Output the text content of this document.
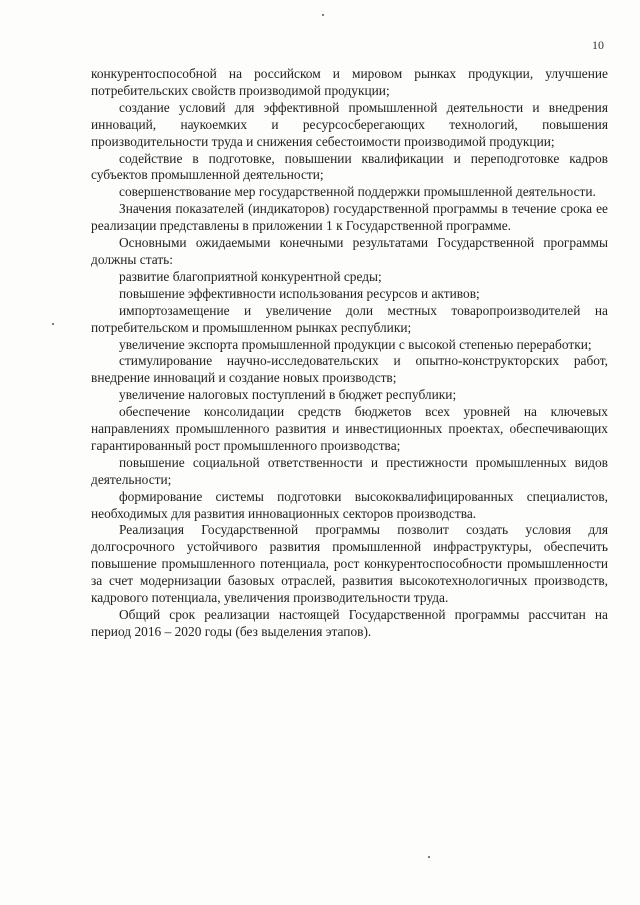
10

конкурентоспособной на российском и мировом рынках продукции, улучшение потребительских свойств производимой продукции;

создание условий для эффективной промышленной деятельности и внедрения инноваций, наукоемких и ресурсосберегающих технологий, повышения производительности труда и снижения себестоимости производимой продукции;

содействие в подготовке, повышении квалификации и переподготовке кадров субъектов промышленной деятельности;

совершенствование мер государственной поддержки промышленной деятельности.

Значения показателей (индикаторов) государственной программы в течение срока ее реализации представлены в приложении 1 к Государственной программе.

Основными ожидаемыми конечными результатами Государственной программы должны стать:

развитие благоприятной конкурентной среды;

повышение эффективности использования ресурсов и активов;

импортозамещение и увеличение доли местных товаропроизводителей на потребительском и промышленном рынках республики;

увеличение экспорта промышленной продукции с высокой степенью переработки;

стимулирование научно-исследовательских и опытно-конструкторских работ, внедрение инноваций и создание новых производств;

увеличение налоговых поступлений в бюджет республики;

обеспечение консолидации средств бюджетов всех уровней на ключевых направлениях промышленного развития и инвестиционных проектах, обеспечивающих гарантированный рост промышленного производства;

повышение социальной ответственности и престижности промышленных видов деятельности;

формирование системы подготовки высококвалифицированных специалистов, необходимых для развития инновационных секторов производства.

Реализация Государственной программы позволит создать условия для долгосрочного устойчивого развития промышленной инфраструктуры, обеспечить повышение промышленного потенциала, рост конкурентоспособности промышленности за счет модернизации базовых отраслей, развития высокотехнологичных производств, кадрового потенциала, увеличения производительности труда.

Общий срок реализации настоящей Государственной программы рассчитан на период 2016 – 2020 годы (без выделения этапов).
